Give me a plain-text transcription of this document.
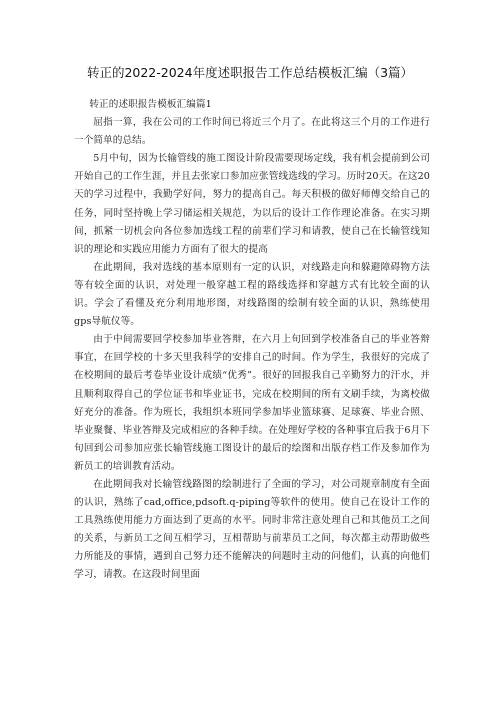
转正的2022-2024年度述职报告工作总结模板汇编（3篇）

转正的述职报告模板汇编篇1

屈指一算，我在公司的工作时间已将近三个月了。在此将这三个月的工作进行一个简单的总结。

5月中旬，因为长输管线的施工图设计阶段需要现场定线，我有机会提前到公司开始自己的工作生涯，并且去张家口参加应张管线选线的学习。历时20天。在这20天的学习过程中，我勤学好问，努力的提高自己。每天积极的做好师傅交给自己的任务，同时坚持晚上学习储运相关规范，为以后的设计工作作理论准备。在实习期间，抓紧一切机会向各位参加选线工程的前辈们学习和请教，使自己在长输管线知识的理论和实践应用能力方面有了很大的提高

在此期间，我对选线的基本原则有一定的认识，对线路走向和躲避障碍物方法等有较全面的认识，对处理一般穿越工程的路线选择和穿越方式有比较全面的认识。学会了看懂及充分利用地形图，对线路图的绘制有较全面的认识，熟练使用gps导航仪等。

由于中间需要回学校参加毕业答辩，在六月上旬回到学校准备自己的毕业答辩事宜，在回学校的十多天里我科学的安排自己的时间。作为学生，我很好的完成了在校期间的最后考卷毕业设计成绩“优秀”。很好的回报我自己辛勤努力的汗水，并且顺利取得自己的学位证书和毕业证书，完成在校期间的所有文刷手续，为离校做好充分的准备。作为班长，我组织本班同学参加毕业篮球赛、足球赛、毕业合照、毕业聚餐、毕业答辩及完成相应的各种手续。在处理好学校的各种事宜后我于6月下旬回到公司参加应张长输管线施工图设计的最后的绘图和出版存档工作及参加作为新员工的培训教育活动。

在此期间我对长输管线路图的绘制进行了全面的学习，对公司规章制度有全面的认识，熟练了cad,office,pdsoft.q-piping等软件的使用。使自己在设计工作的工具熟练使用能力方面达到了更高的水平。同时非常注意处理自己和其他员工之间的关系，与新员工之间互相学习，互相帮助与前辈员工之间，每次都主动帮助做些力所能及的事情，遇到自己努力还不能解决的问题时主动的问他们，认真的向他们学习，请教。在这段时间里面
